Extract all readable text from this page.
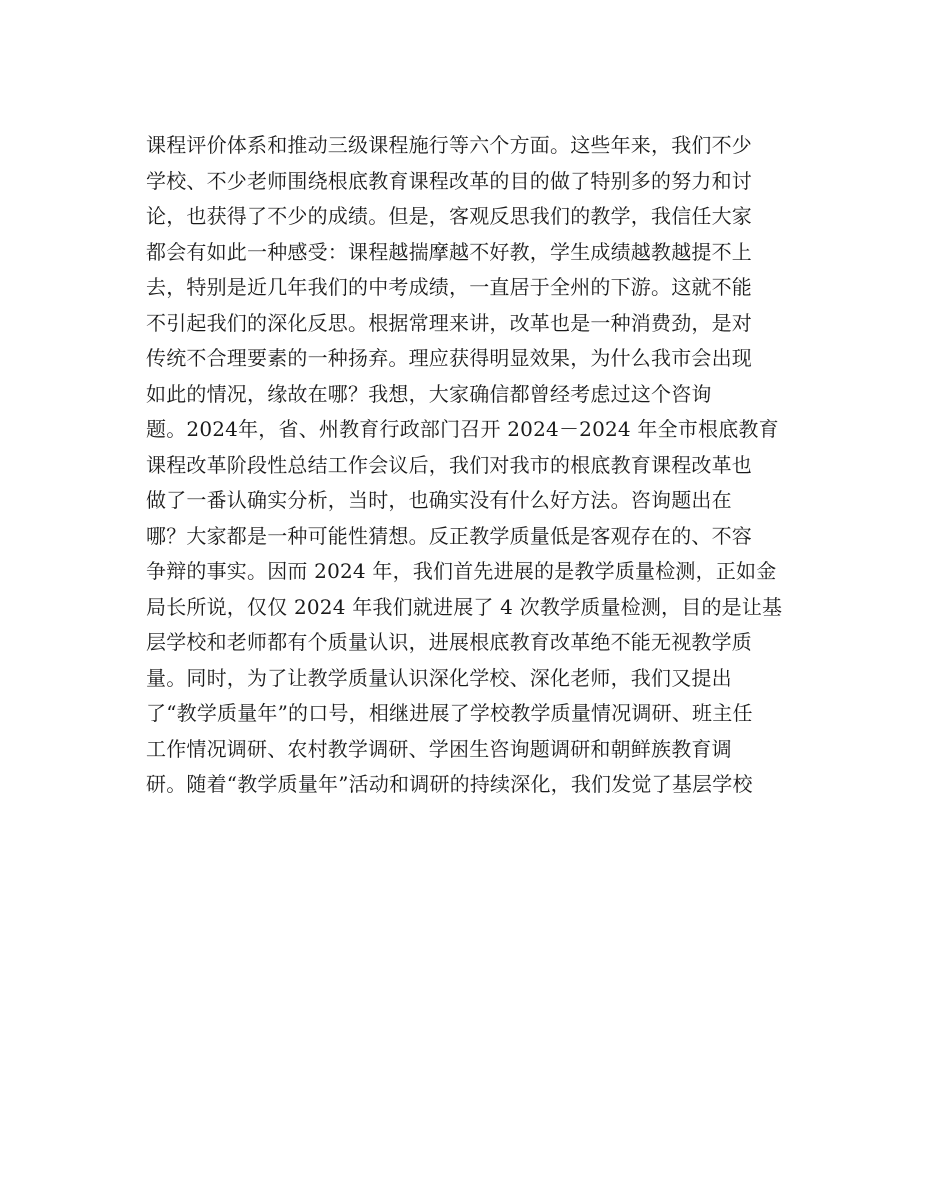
课程评价体系和推动三级课程施行等六个方面。这些年来，我们不少
学校、不少老师围绕根底教育课程改革的目的做了特别多的努力和讨
论，也获得了不少的成绩。但是，客观反思我们的教学，我信任大家
都会有如此一种感受：课程越揣摩越不好教，学生成绩越教越提不上
去，特别是近几年我们的中考成绩，一直居于全州的下游。这就不能
不引起我们的深化反思。根据常理来讲，改革也是一种消费劲，是对
传统不合理要素的一种扬弃。理应获得明显效果，为什么我市会出现
如此的情况，缘故在哪？我想，大家确信都曾经考虑过这个咨询
题。2024年，省、州教育行政部门召开 2024－2024 年全市根底教育
课程改革阶段性总结工作会议后，我们对我市的根底教育课程改革也
做了一番认确实分析，当时，也确实没有什么好方法。咨询题出在
哪？大家都是一种可能性猜想。反正教学质量低是客观存在的、不容
争辩的事实。因而 2024 年，我们首先进展的是教学质量检测，正如金
局长所说，仅仅 2024 年我们就进展了 4 次教学质量检测，目的是让基
层学校和老师都有个质量认识，进展根底教育改革绝不能无视教学质
量。同时，为了让教学质量认识深化学校、深化老师，我们又提出
了“教学质量年”的口号，相继进展了学校教学质量情况调研、班主任
工作情况调研、农村教学调研、学困生咨询题调研和朝鲜族教育调
研。随着“教学质量年”活动和调研的持续深化，我们发觉了基层学校
